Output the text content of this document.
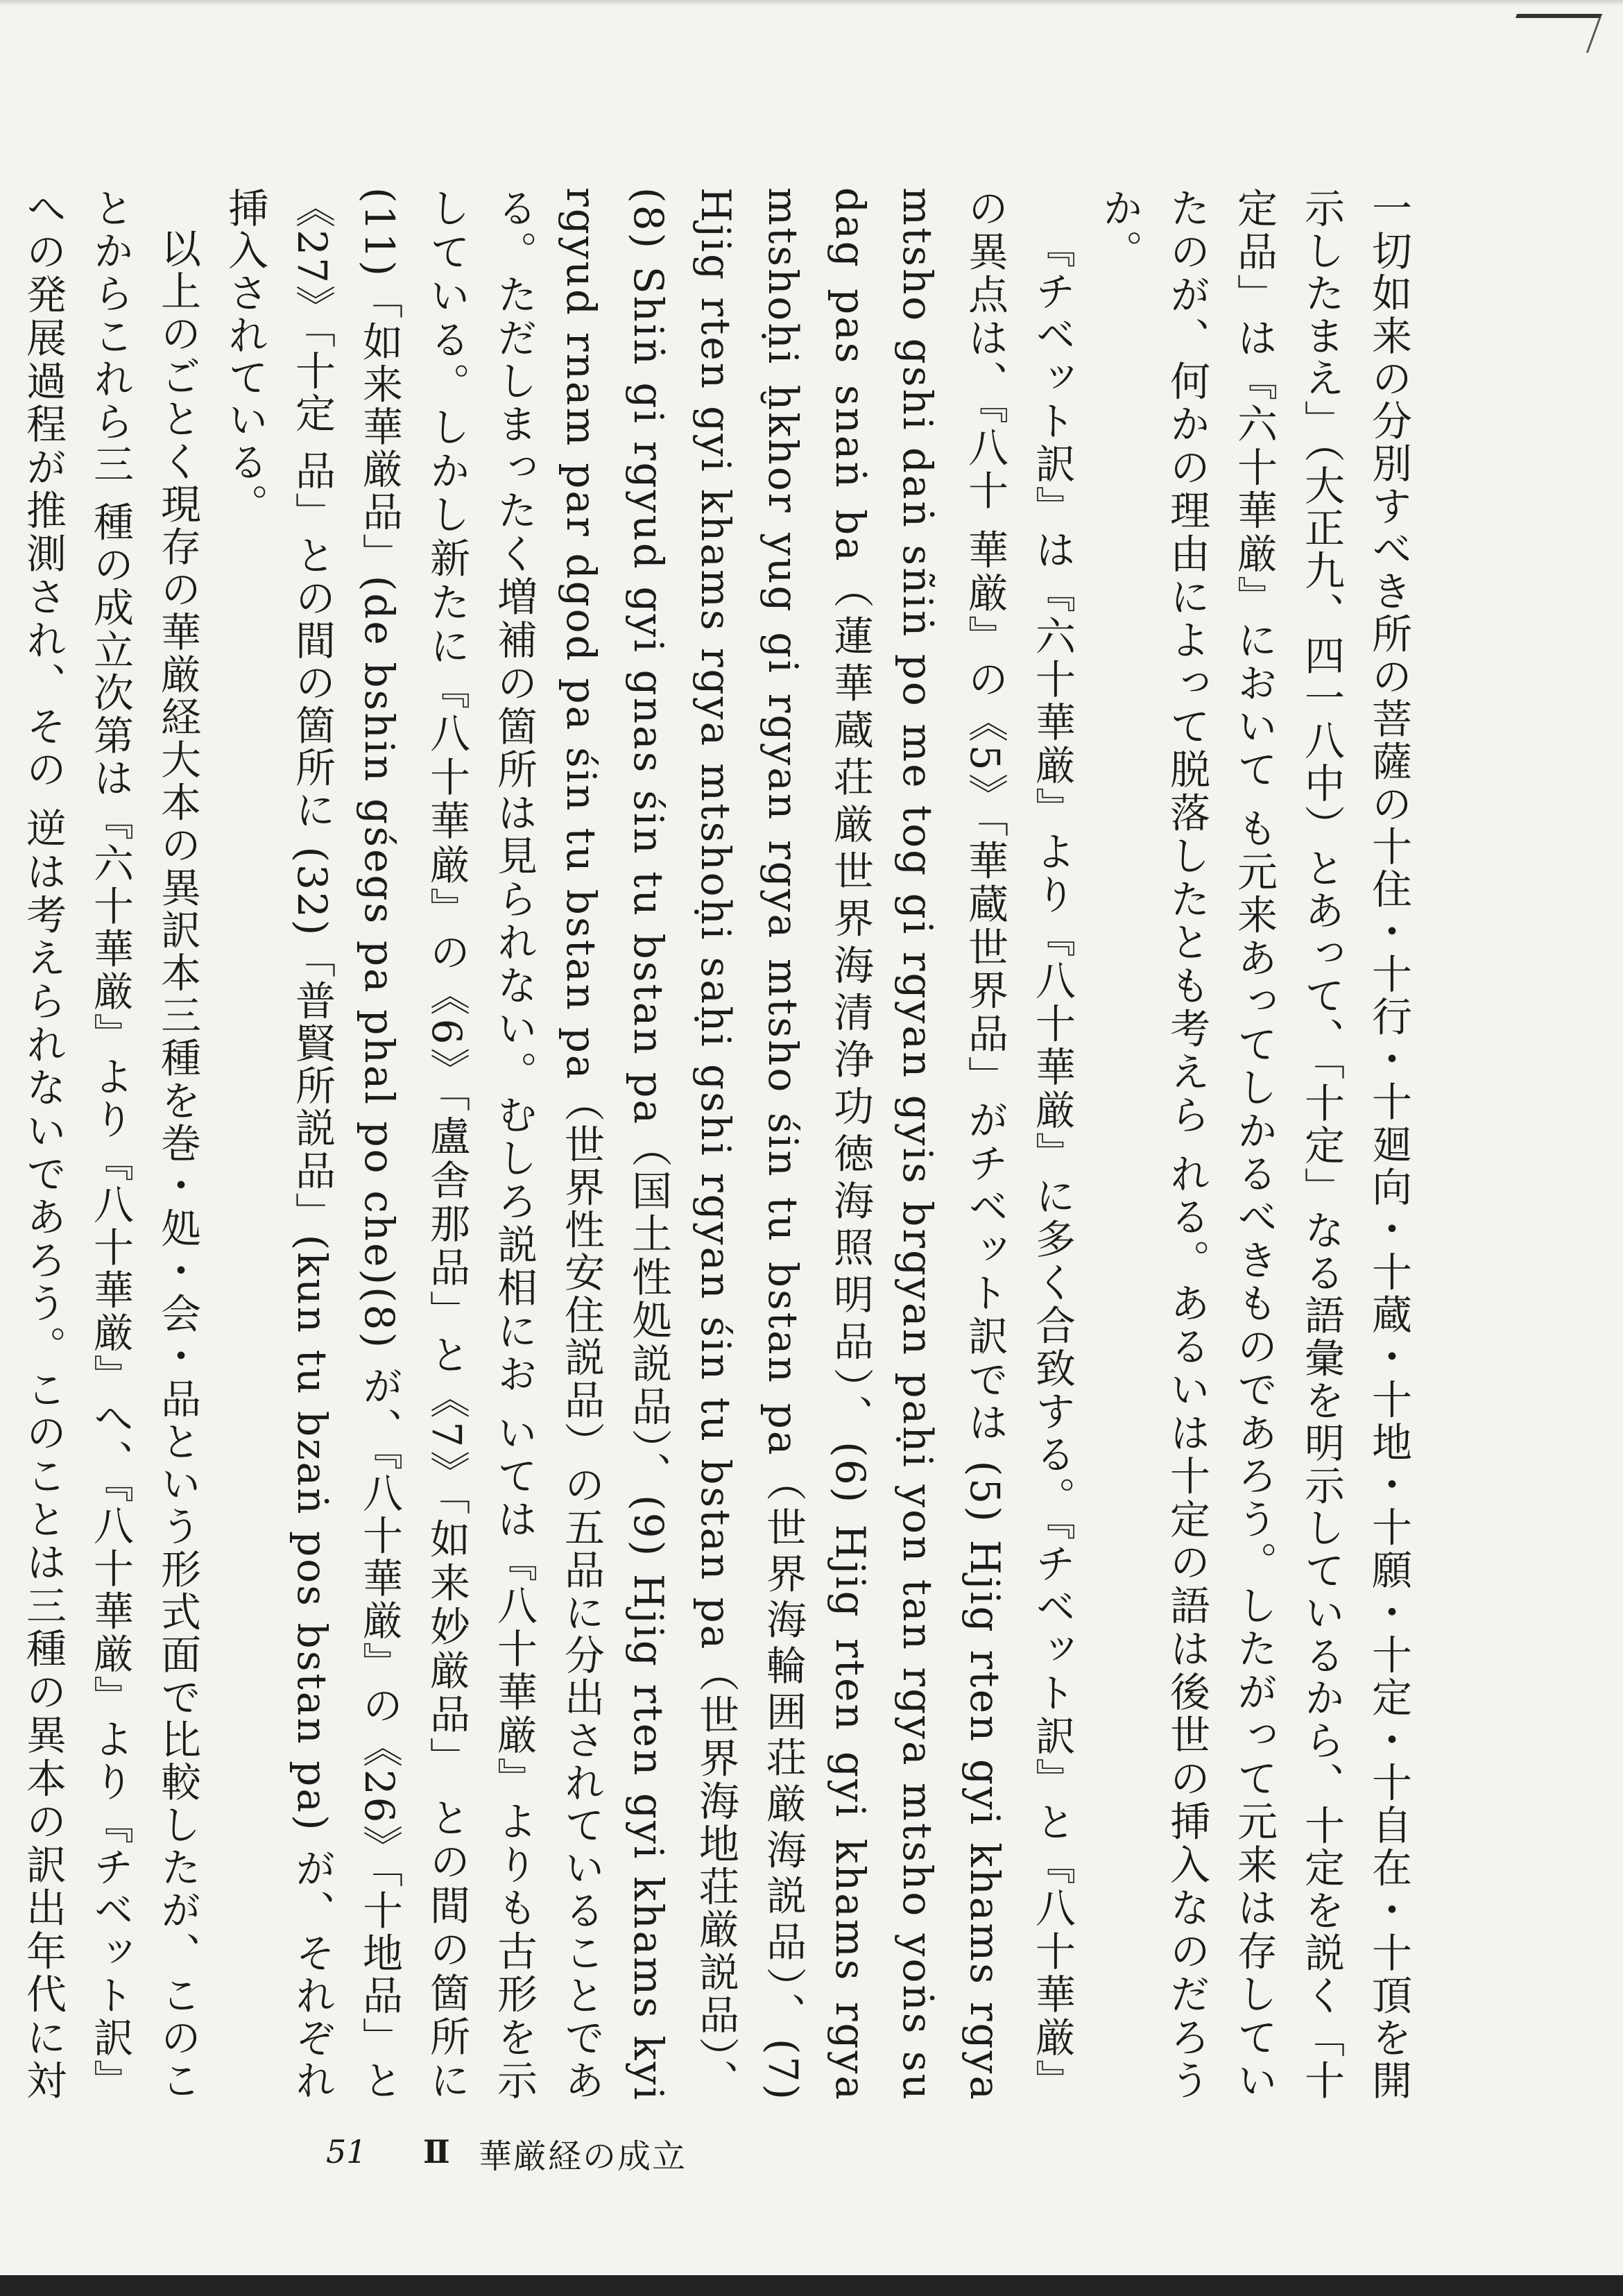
一切如来の分別すべき所の菩薩の十住・十行・十廻向・十蔵・十地・十願・十定・十自在・十頂を開示したまえ」（大正九、四一八中）とあって、「十定」なる語彙を明示しているから、十定を説く「十定品」は『六十華厳』において も元来あってしかるべきものであろう。したがって元来は存していたのが、何かの理由によって脱落したとも考えら れる。あるいは十定の語は後世の挿入なのだろうか。

『チベット訳』は『六十華厳』より『八十華厳』に多く合致する。『チベット訳』と『八十華厳』の異点は、『八十 華厳』の《5》「華蔵世界品」がチベット訳では (5) Hjig rten gyi khams rgya mtsho gshi daṅ sñiṅ po me tog gi rgyan gyis brgyan paḥi yon tan rgya mtsho yoṅs su dag pas snaṅ ba（蓮華蔵荘厳世界海清浄功徳海照明品）、(6) Hjig rten gyi khams rgya mtshoḥi ḫkhor yug gi rgyan rgya mtsho śin tu bstan pa（世界海輪囲荘厳海説品）、(7) Hjig rten gyi khams rgya mtshoḥi saḥi gshi rgyan śin tu bstan pa（世界海地荘厳説品）、(8) Shiṅ gi rgyud gyi gnas śin tu bstan pa（国土性処説品）、(9) Hjig rten gyi khams kyi rgyud rnam par dgod pa śin tu bstan pa（世界性安住説品）の五品に分出されていることである。ただしまったく増補の箇所は見られない。むしろ説相にお いては『八十華厳』よりも古形を示している。しかし新たに『八十華厳』の《6》「盧舎那品」と《7》「如来妙厳品」 との間の箇所に (11)「如来華厳品」(de bshin gśegs pa phal po che)(8) が、『八十華厳』の《26》「十地品」と《27》「十定 品」との間の箇所に (32)「普賢所説品」(kun tu bzaṅ pos bstan pa) が、それぞれ挿入されている。

以上のごとく現存の華厳経大本の異訳本三種を巻・処・会・品という形式面で比較したが、このことからこれら三 種の成立次第は『六十華厳』より『八十華厳』へ、『八十華厳』より『チベット訳』への発展過程が推測され、その 逆は考えられないであろう。このことは三種の異本の訳出年代に対

51 Ⅱ 華厳経の成立
